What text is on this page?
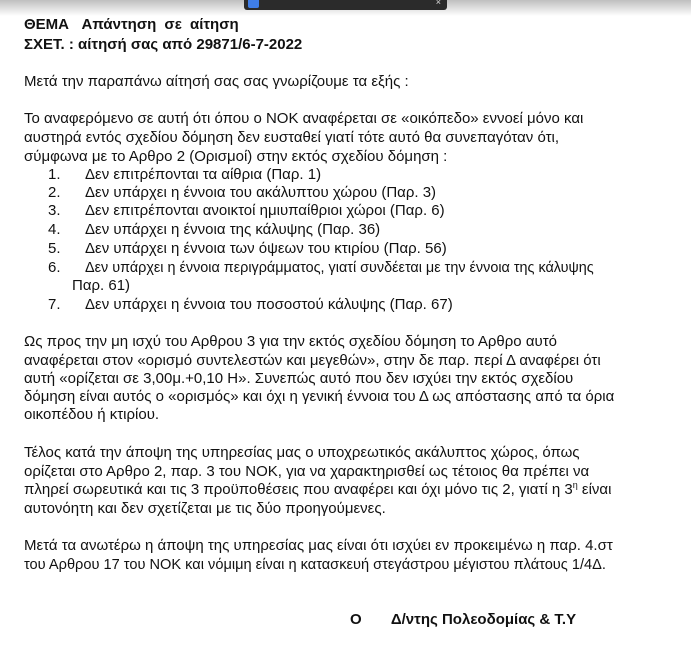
×
ΘΕΜΑ Απάντηση σε αίτηση
ΣΧΕΤ. : αίτησή σας από 29871/6-7-2022
Μετά την παραπάνω αίτησή σας σας γνωρίζουμε τα εξής :
Το αναφερόμενο σε αυτή ότι όπου ο ΝΟΚ αναφέρεται σε «οικόπεδο» εννοεί μόνο και
αυστηρά εντός σχεδίου δόμηση δεν ευσταθεί γιατί τότε αυτό θα συνεπαγόταν ότι,
σύμφωνα με το Αρθρο 2 (Ορισμοί) στην εκτός σχεδίου δόμηση :
1. Δεν επιτρέπονται τα αίθρια (Παρ. 1)
2. Δεν υπάρχει η έννοια του ακάλυπτου χώρου (Παρ. 3)
3. Δεν επιτρέπονται ανοικτοί ημιυπαίθριοι χώροι (Παρ. 6)
4. Δεν υπάρχει η έννοια της κάλυψης (Παρ. 36)
5. Δεν υπάρχει η έννοια των όψεων του κτιρίου (Παρ. 56)
6. Δεν υπάρχει η έννοια περιγράμματος, γιατί συνδέεται με την έννοια της κάλυψης
Παρ. 61)
7. Δεν υπάρχει η έννοια του ποσοστού κάλυψης (Παρ. 67)
Ως προς την μη ισχύ του Αρθρου 3 για την εκτός σχεδίου δόμηση το Αρθρο αυτό
αναφέρεται στον «ορισμό συντελεστών και μεγεθών», στην δε παρ. περί Δ αναφέρει ότι
αυτή «ορίζεται σε 3,00μ.+0,10 Η». Συνεπώς αυτό που δεν ισχύει την εκτός σχεδίου
δόμηση είναι αυτός ο «ορισμός» και όχι η γενική έννοια του Δ ως απόστασης από τα όρια
οικοπέδου ή κτιρίου.
Τέλος κατά την άποψη της υπηρεσίας μας ο υποχρεωτικός ακάλυπτος χώρος, όπως
ορίζεται στο Αρθρο 2, παρ. 3 του ΝΟΚ, για να χαρακτηρισθεί ως τέτοιος θα πρέπει να
πληρεί σωρευτικά και τις 3 προϋποθέσεις που αναφέρει και όχι μόνο τις 2, γιατί η $3^\eta$ είναι
αυτονόητη και δεν σχετίζεται με τις δύο προηγούμενες.
Μετά τα ανωτέρω η άποψη της υπηρεσίας μας είναι ότι ισχύει εν προκειμένω η παρ. 4.στ
του Αρθρου 17 του ΝΟΚ και νόμιμη είναι η κατασκευή στεγάστρου μέγιστου πλάτους 1/4Δ.
Ο Δ/ντης Πολεοδομίας & Τ.Υ
